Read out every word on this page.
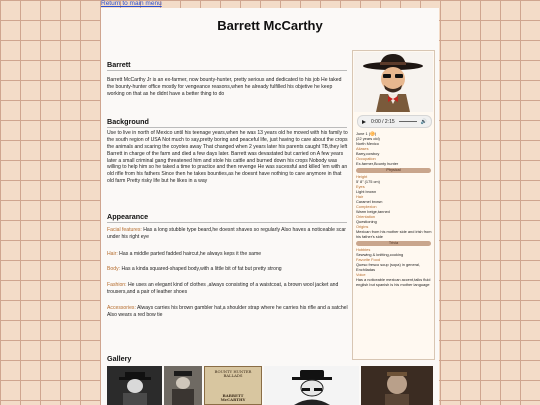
Return to main menu
Barrett McCarthy
Barrett

Barrett McCarthy Jr is an ex-farmer, now bounty-hunter, pretty serious and dedicated to his job He taked the bounty-hunter office mostly for vengeance reasons,when he already fulfilled his objetive he keep working on that as he didnt have a better thing to do

Background

Use to live in north of Mexico until his teenage years,when he was 13 years old he moved with his family to the south region of USA Not much to say,pretty boring and peaceful life, just having to care about the crops the animals and scaring the coyotes away That changed when 2 years later his parents caught TB,they left Barrett in charge of the farm and died a few days later. Barrett was devastated but carried on A few years later a small criminal gang threatened him and stole his cattle and burned down his crops Nobody was willing to help him so he taked a time to practice and then revenge He was sucessful and killed 'em with an old rifle from his fathers Since then he takes bounties,as he doesnt have nothing to care anymore in that old farm Pretty risky life but he likes in a way

Appearance

Facial features: Has a long stubble type beard,he doesnt shaves so regularly Also haves a noticeable scar under his right eye

Hair: Has a middle parted fadded haircut,he always keps it the same

Body: Has a kinda squared-shaped body,with a little bit of fat but pretty strong

Fashion: He uses an elegant kind of clothes ,always consisting of a waistcoat, a brown wool jacket and trousers,and a pair of leather shoes

Accessories: Always carries his brown gambler hat,a shoulder strap where he carries his rifle and a satchel Also wears a red bow tie

Gallery
BOUNTY HUNTER
BALLADS
BARRETT
McCARTHY
0:00 / 2:15	🔊
June 1 (♊)
(22 years old)
North Mexico
Aliases
Barry,cowboy
Occupation
Ex-farmer,Bounty hunter
Physical
Height
5' 8" (175 cm)
Eyes
Light brown
Hair
Caramel brown
Complexion
Warm beige,tanned
Orientation
Questioning
Origins
Mexican from his mother side and irish from his father's side
Trivia
Hobbies
Sewwing & knitting,cooking
Favorite Food
Queso fresco soup (sopa) in general, Enchiladas
Voice
Has a noticeable mexican accent,talks fluid english but spanish is his mother language
